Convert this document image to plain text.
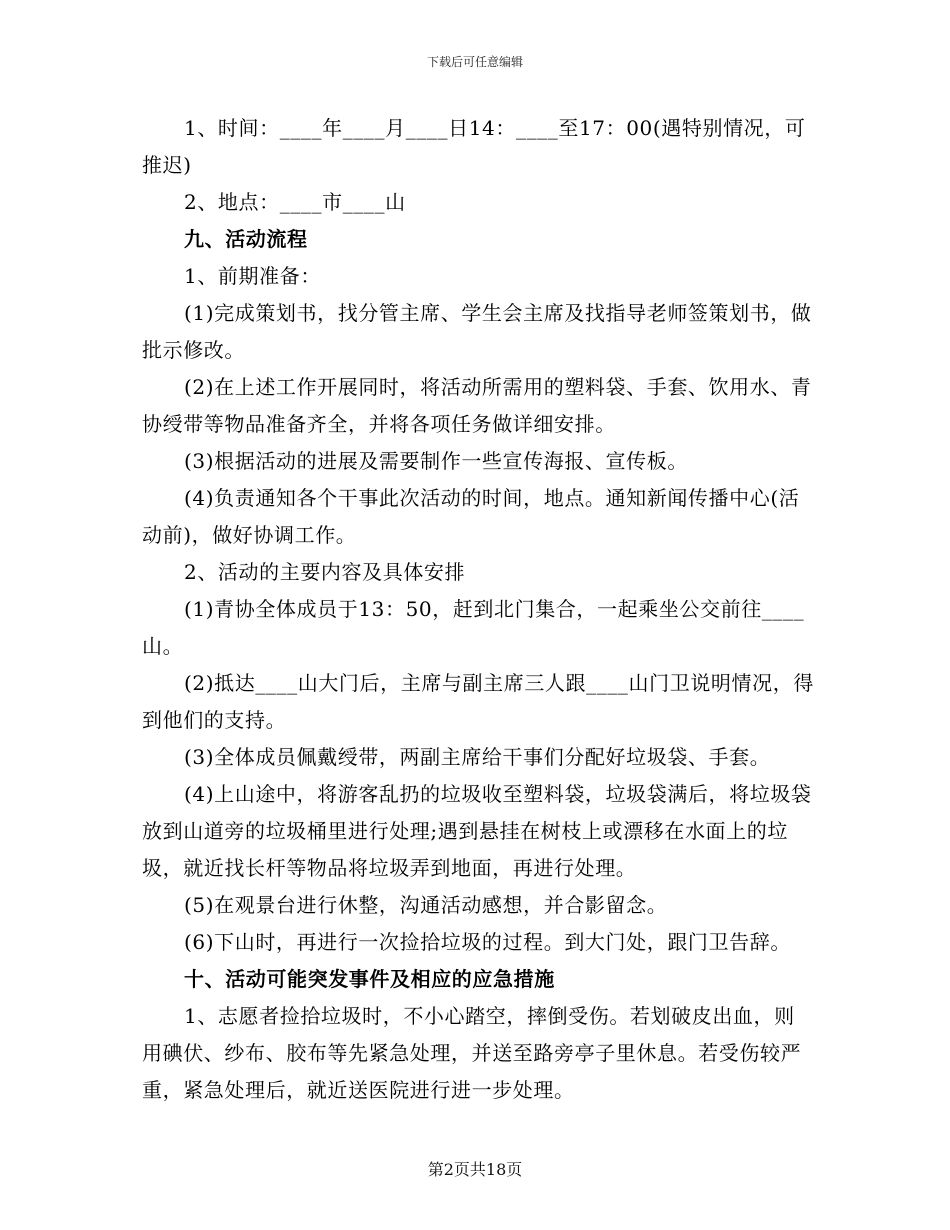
下载后可任意编辑

1、时间：____年____月____日14：____至17：00(遇特别情况，可推迟)

2、地点：____市____山

九、活动流程

1、前期准备：

(1)完成策划书，找分管主席、学生会主席及找指导老师签策划书，做批示修改。

(2)在上述工作开展同时，将活动所需用的塑料袋、手套、饮用水、青协绶带等物品准备齐全，并将各项任务做详细安排。

(3)根据活动的进展及需要制作一些宣传海报、宣传板。

(4)负责通知各个干事此次活动的时间，地点。通知新闻传播中心(活动前)，做好协调工作。

2、活动的主要内容及具体安排

(1)青协全体成员于13：50，赶到北门集合，一起乘坐公交前往____山。

(2)抵达____山大门后，主席与副主席三人跟____山门卫说明情况，得到他们的支持。

(3)全体成员佩戴绶带，两副主席给干事们分配好垃圾袋、手套。

(4)上山途中，将游客乱扔的垃圾收至塑料袋，垃圾袋满后，将垃圾袋放到山道旁的垃圾桶里进行处理;遇到悬挂在树枝上或漂移在水面上的垃圾，就近找长杆等物品将垃圾弄到地面，再进行处理。

(5)在观景台进行休整，沟通活动感想，并合影留念。

(6)下山时，再进行一次捡拾垃圾的过程。到大门处，跟门卫告辞。

十、活动可能突发事件及相应的应急措施

1、志愿者捡拾垃圾时，不小心踏空，摔倒受伤。若划破皮出血，则用碘伏、纱布、胶布等先紧急处理，并送至路旁亭子里休息。若受伤较严重，紧急处理后，就近送医院进行进一步处理。

第2页共18页
